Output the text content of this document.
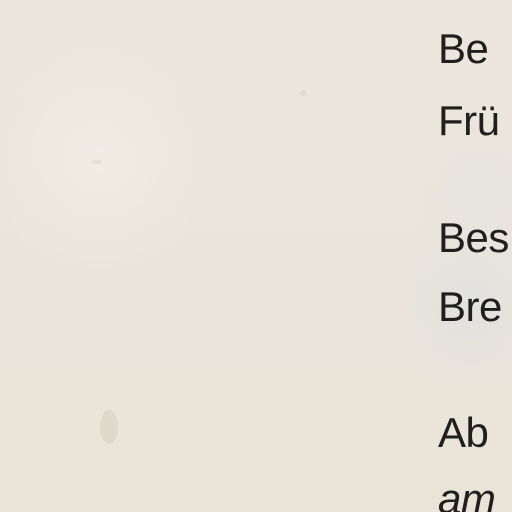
Be

Frü

Bes

Bre

Ab

am
